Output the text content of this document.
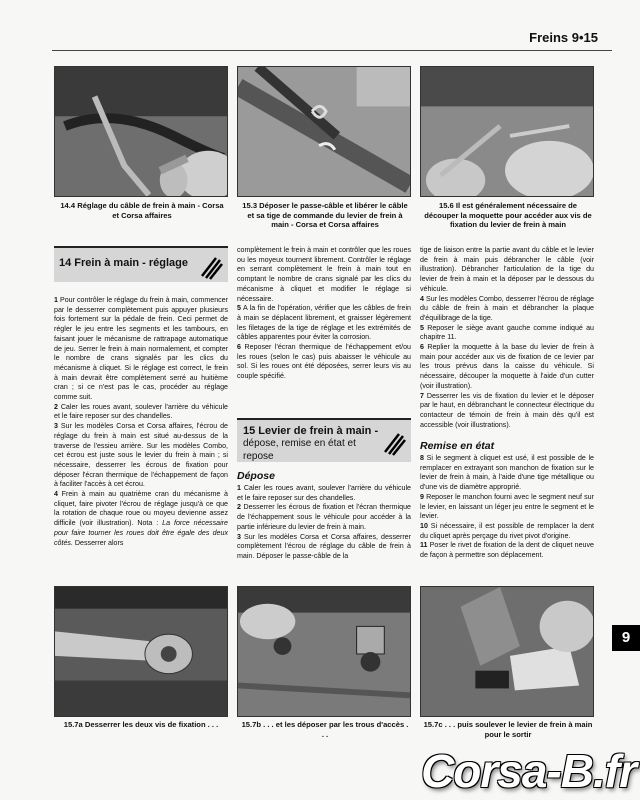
Freins 9•15
14.4 Réglage du câble de frein à main - Corsa et Corsa affaires
15.3 Déposer le passe-câble et libérer le câble et sa tige de commande du levier de frein à main - Corsa et Corsa affaires
15.6 Il est généralement nécessaire de découper la moquette pour accéder aux vis de fixation du levier de frein à main
14 Frein à main - réglage

1 Pour contrôler le réglage du frein à main, commencer par le desserrer complètement puis appuyer plusieurs fois fortement sur la pédale de frein. Ceci permet de régler le jeu entre les segments et les tambours, en faisant jouer le mécanisme de rattrapage automatique de jeu. Serrer le frein à main normalement, et compter le nombre de crans signalés par les clics du mécanisme à cliquet. Si le réglage est correct, le frein à main devrait être complètement serré au huitième cran ; si ce n'est pas le cas, procéder au réglage comme suit.

2 Caler les roues avant, soulever l'arrière du véhicule et le faire reposer sur des chandelles.

3 Sur les modèles Corsa et Corsa affaires, l'écrou de réglage du frein à main est situé au-dessus de la traverse de l'essieu arrière. Sur les modèles Combo, cet écrou est juste sous le levier du frein à main ; si nécessaire, desserrer les écrous de fixation pour déposer l'écran thermique de l'échappement de façon à faciliter l'accès à cet écrou.

4 Frein à main au quatrième cran du mécanisme à cliquet, faire pivoter l'écrou de réglage jusqu'à ce que la rotation de chaque roue ou moyeu devienne assez difficile (voir illustration). Nota : La force nécessaire pour faire tourner les roues doit être égale des deux côtés. Desserrer alors

complètement le frein à main et contrôler que les roues ou les moyeux tournent librement. Contrôler le réglage en serrant complètement le frein à main tout en comptant le nombre de crans signalé par les clics du mécanisme à cliquet et modifier le réglage si nécessaire.

5 A la fin de l'opération, vérifier que les câbles de frein à main se déplacent librement, et graisser légèrement les filetages de la tige de réglage et les extrémités de câbles apparentes pour éviter la corrosion.

6 Reposer l'écran thermique de l'échappement et/ou les roues (selon le cas) puis abaisser le véhicule au sol. Si les roues ont été déposées, serrer leurs vis au couple spécifié.

15 Levier de frein à main -
dépose, remise en état et repose
Dépose

1 Caler les roues avant, soulever l'arrière du véhicule et le faire reposer sur des chandelles.

2 Desserrer les écrous de fixation et l'écran thermique de l'échappement sous le véhicule pour accéder à la partie inférieure du levier de frein à main.

3 Sur les modèles Corsa et Corsa affaires, desserrer complètement l'écrou de réglage du câble de frein à main. Déposer le passe-câble de la

tige de liaison entre la partie avant du câble et le levier de frein à main puis débrancher le câble (voir illustration). Débrancher l'articulation de la tige du levier de frein à main et la déposer par le dessous du véhicule.

4 Sur les modèles Combo, desserrer l'écrou de réglage du câble de frein à main et débrancher la plaque d'équilibrage de la tige.

5 Reposer le siège avant gauche comme indiqué au chapitre 11.

6 Replier la moquette à la base du levier de frein à main pour accéder aux vis de fixation de ce levier par les trous prévus dans la caisse du véhicule. Si nécessaire, découper la moquette à l'aide d'un cutter (voir illustration).

7 Desserrer les vis de fixation du levier et le déposer par le haut, en débranchant le connecteur électrique du contacteur de témoin de frein à main dès qu'il est accessible (voir illustrations).

Remise en état

8 Si le segment à cliquet est usé, il est possible de le remplacer en extrayant son manchon de fixation sur le levier de frein à main, à l'aide d'une tige métallique ou d'une vis de diamètre approprié.

9 Reposer le manchon fourni avec le segment neuf sur le levier, en laissant un léger jeu entre le segment et le levier.

10 Si nécessaire, il est possible de remplacer la dent du cliquet après perçage du rivet pivot d'origine.

11 Poser le rivet de fixation de la dent de cliquet neuve de façon à permettre son déplacement.

15.7a Desserrer les deux vis de fixation . . .	15.7b . . . et les déposer par les trous d'accès . . .
15.7c . . . puis soulever le levier de frein à main pour le sortir
9
Corsa-B.fr
